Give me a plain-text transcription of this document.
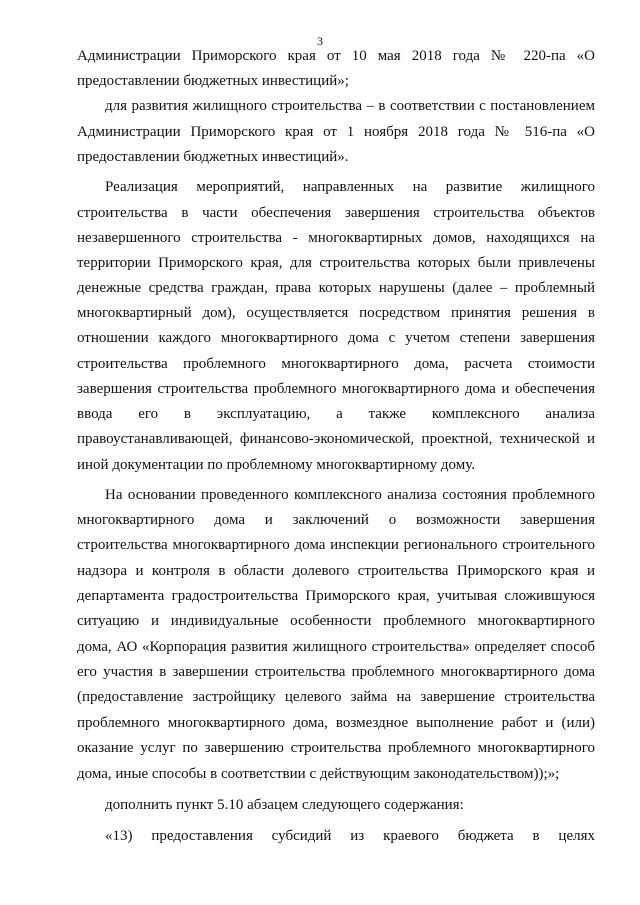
3
Администрации Приморского края от 10 мая 2018 года № 220-па «О
предоставлении бюджетных инвестиций»;
для развития жилищного строительства – в соответствии с постановлением
Администрации Приморского края от 1 ноября 2018 года № 516-па «О
предоставлении бюджетных инвестиций».
Реализация мероприятий, направленных на развитие жилищного
строительства в части обеспечения завершения строительства объектов
незавершенного строительства - многоквартирных домов, находящихся на
территории Приморского края, для строительства которых были привлечены
денежные средства граждан, права которых нарушены (далее – проблемный
многоквартирный дом), осуществляется посредством принятия решения в
отношении каждого многоквартирного дома с учетом степени завершения
строительства проблемного многоквартирного дома, расчета стоимости
завершения строительства проблемного многоквартирного дома и обеспечения
ввода его в эксплуатацию, а также комплексного анализа
правоустанавливающей, финансово-экономической, проектной, технической и
иной документации по проблемному многоквартирному дому.
На основании проведенного комплексного анализа состояния проблемного
многоквартирного дома и заключений о возможности завершения
строительства многоквартирного дома инспекции регионального строительного
надзора и контроля в области долевого строительства Приморского края и
департамента градостроительства Приморского края, учитывая сложившуюся
ситуацию и индивидуальные особенности проблемного многоквартирного
дома, АО «Корпорация развития жилищного строительства» определяет способ
его участия в завершении строительства проблемного многоквартирного дома
(предоставление застройщику целевого займа на завершение строительства
проблемного многоквартирного дома, возмездное выполнение работ и (или)
оказание услуг по завершению строительства проблемного многоквартирного
дома, иные способы в соответствии с действующим законодательством));»;
дополнить пункт 5.10 абзацем следующего содержания:
«13) предоставления субсидий из краевого бюджета в целях
